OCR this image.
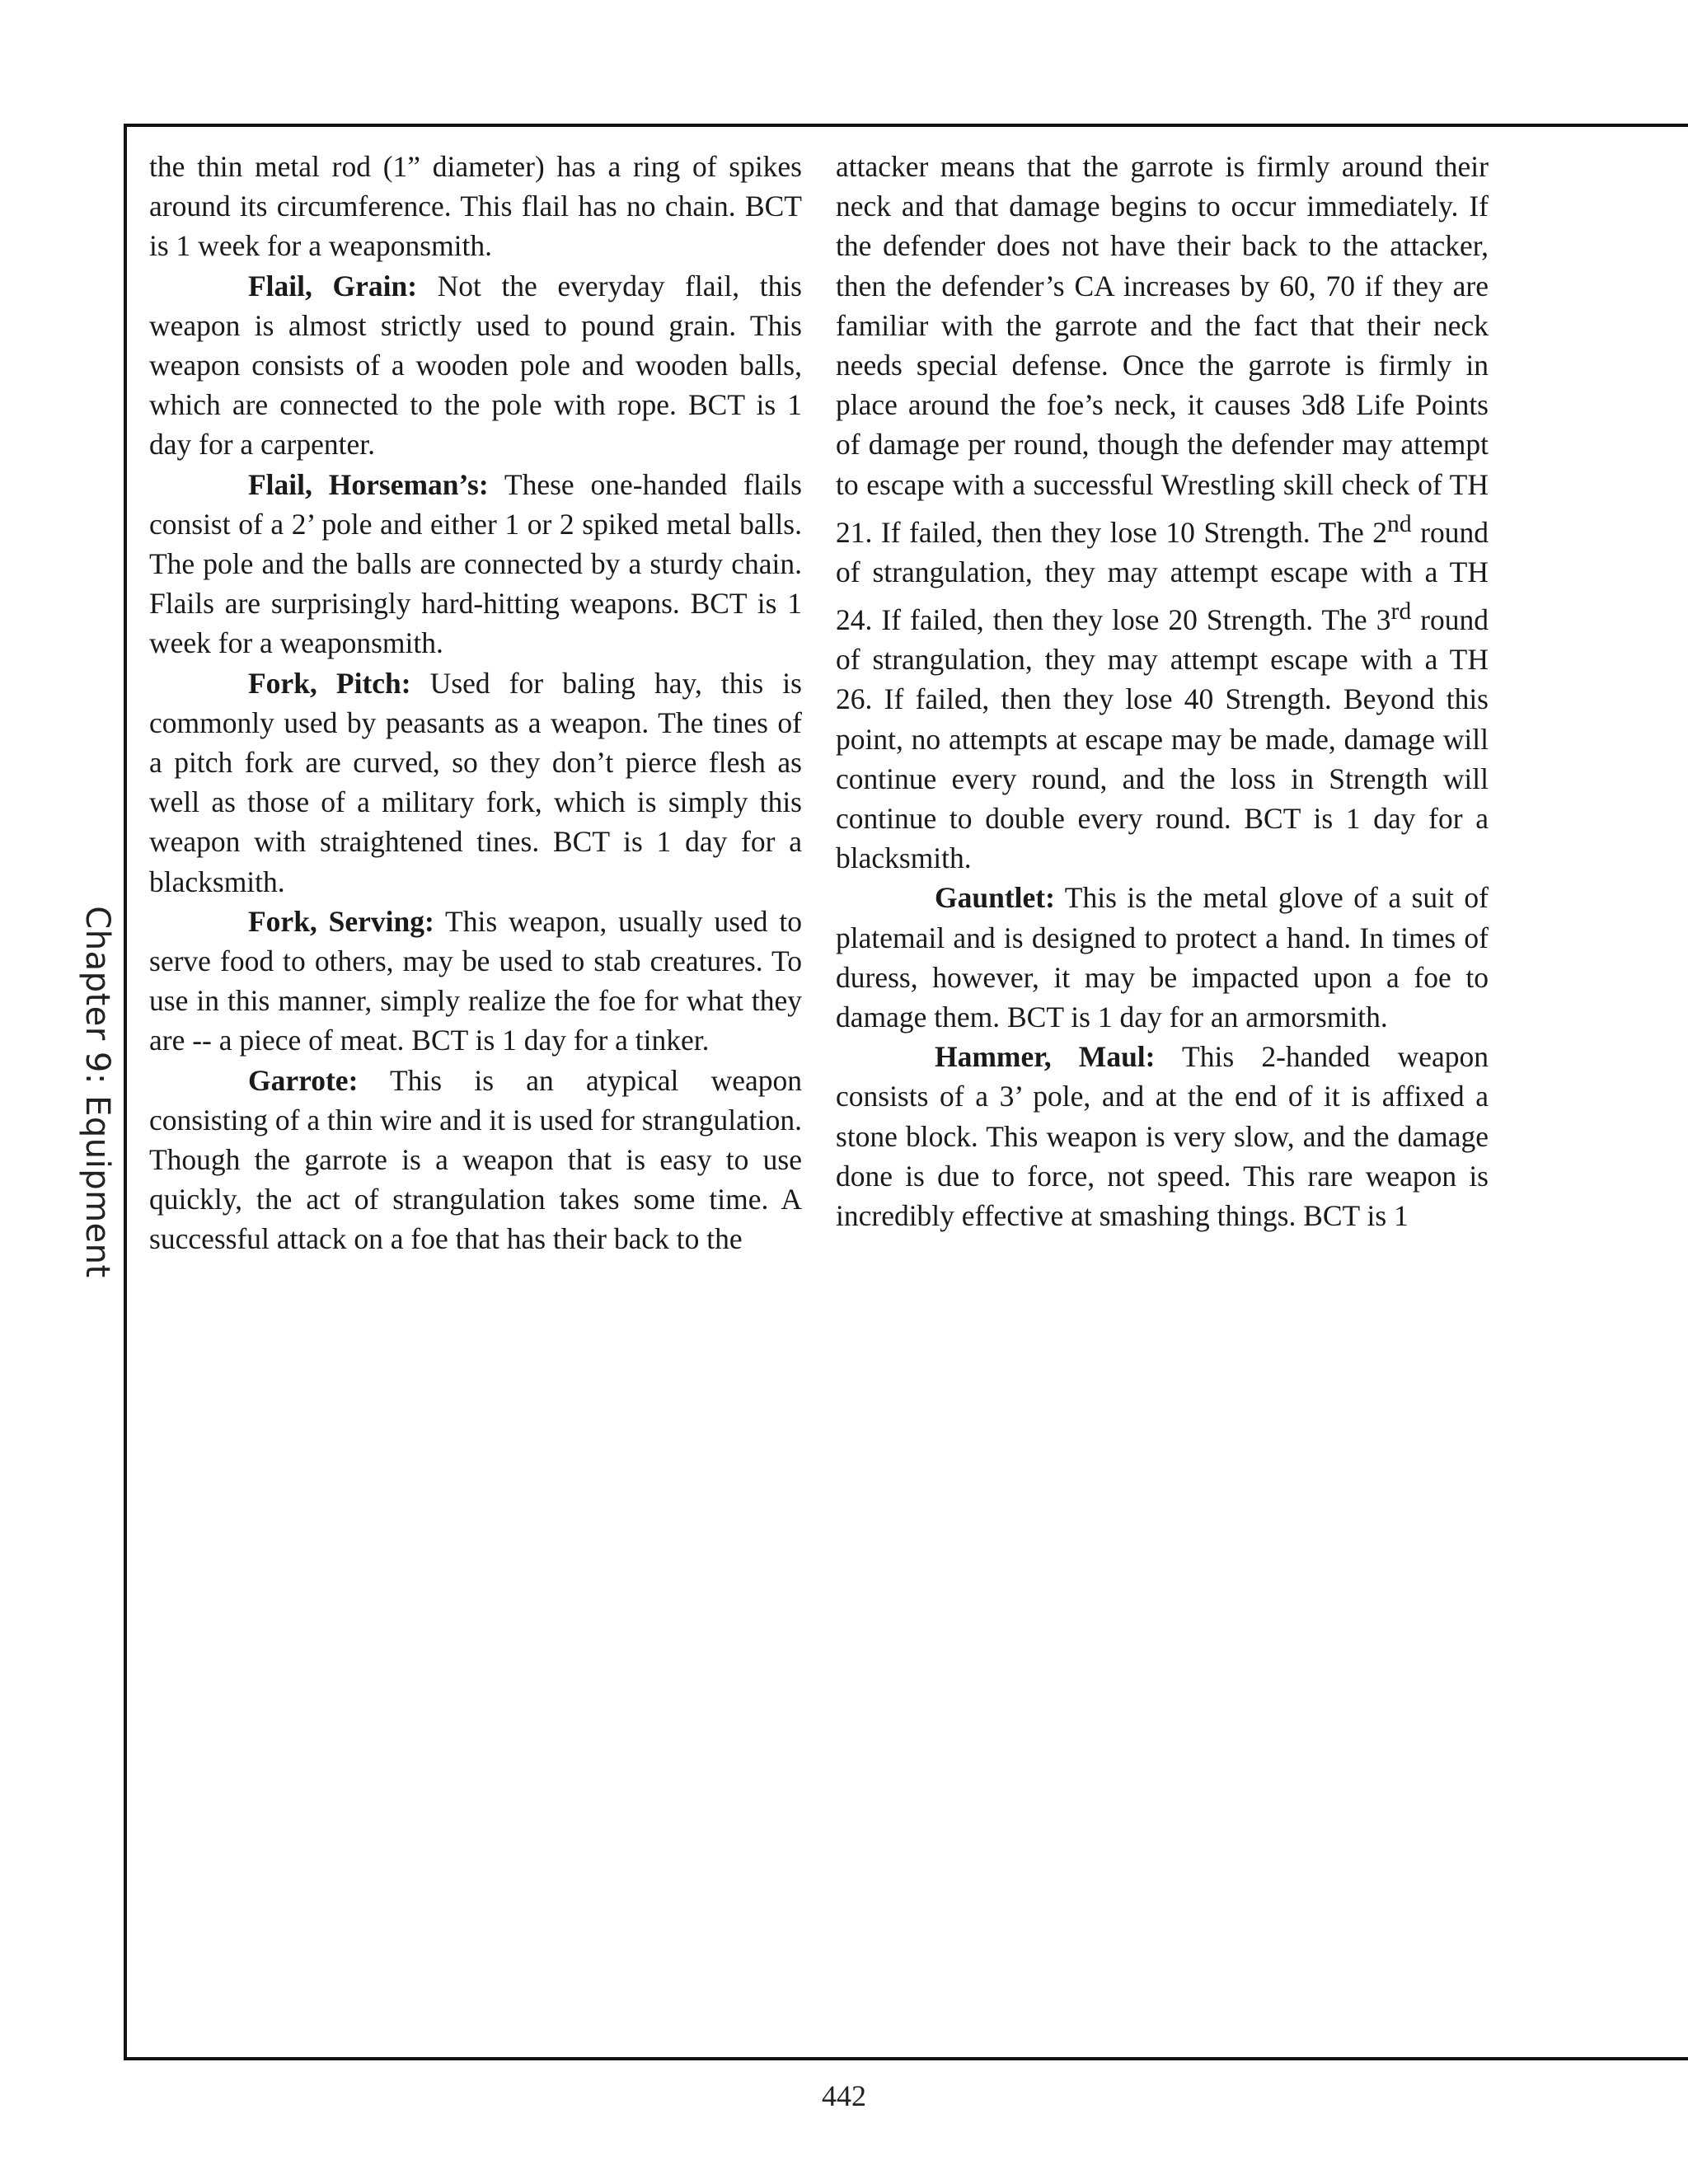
Chapter 9: Equipment

the thin metal rod (1” diameter) has a ring of spikes around its circumference. This flail has no chain. BCT is 1 week for a weaponsmith.

Flail, Grain: Not the everyday flail, this weapon is almost strictly used to pound grain. This weapon consists of a wooden pole and wooden balls, which are connected to the pole with rope. BCT is 1 day for a carpenter.

Flail, Horseman’s: These one-handed flails consist of a 2’ pole and either 1 or 2 spiked metal balls. The pole and the balls are connected by a sturdy chain. Flails are surprisingly hard-hitting weapons. BCT is 1 week for a weaponsmith.

Fork, Pitch: Used for baling hay, this is commonly used by peasants as a weapon. The tines of a pitch fork are curved, so they don’t pierce flesh as well as those of a military fork, which is simply this weapon with straightened tines. BCT is 1 day for a blacksmith.

Fork, Serving: This weapon, usually used to serve food to others, may be used to stab creatures. To use in this manner, simply realize the foe for what they are -- a piece of meat. BCT is 1 day for a tinker.

Garrote: This is an atypical weapon consisting of a thin wire and it is used for strangulation. Though the garrote is a weapon that is easy to use quickly, the act of strangulation takes some time. A successful attack on a foe that has their back to the

attacker means that the garrote is firmly around their neck and that damage begins to occur immediately. If the defender does not have their back to the attacker, then the defender’s CA increases by 60, 70 if they are familiar with the garrote and the fact that their neck needs special defense. Once the garrote is firmly in place around the foe’s neck, it causes 3d8 Life Points of damage per round, though the defender may attempt to escape with a successful Wrestling skill check of TH 21. If failed, then they lose 10 Strength. The 2nd round of strangulation, they may attempt escape with a TH 24. If failed, then they lose 20 Strength. The 3rd round of strangulation, they may attempt escape with a TH 26. If failed, then they lose 40 Strength. Beyond this point, no attempts at escape may be made, damage will continue every round, and the loss in Strength will continue to double every round. BCT is 1 day for a blacksmith.

Gauntlet: This is the metal glove of a suit of platemail and is designed to protect a hand. In times of duress, however, it may be impacted upon a foe to damage them. BCT is 1 day for an armorsmith.

Hammer, Maul: This 2-handed weapon consists of a 3’ pole, and at the end of it is affixed a stone block. This weapon is very slow, and the damage done is due to force, not speed. This rare weapon is incredibly effective at smashing things. BCT is 1

442
